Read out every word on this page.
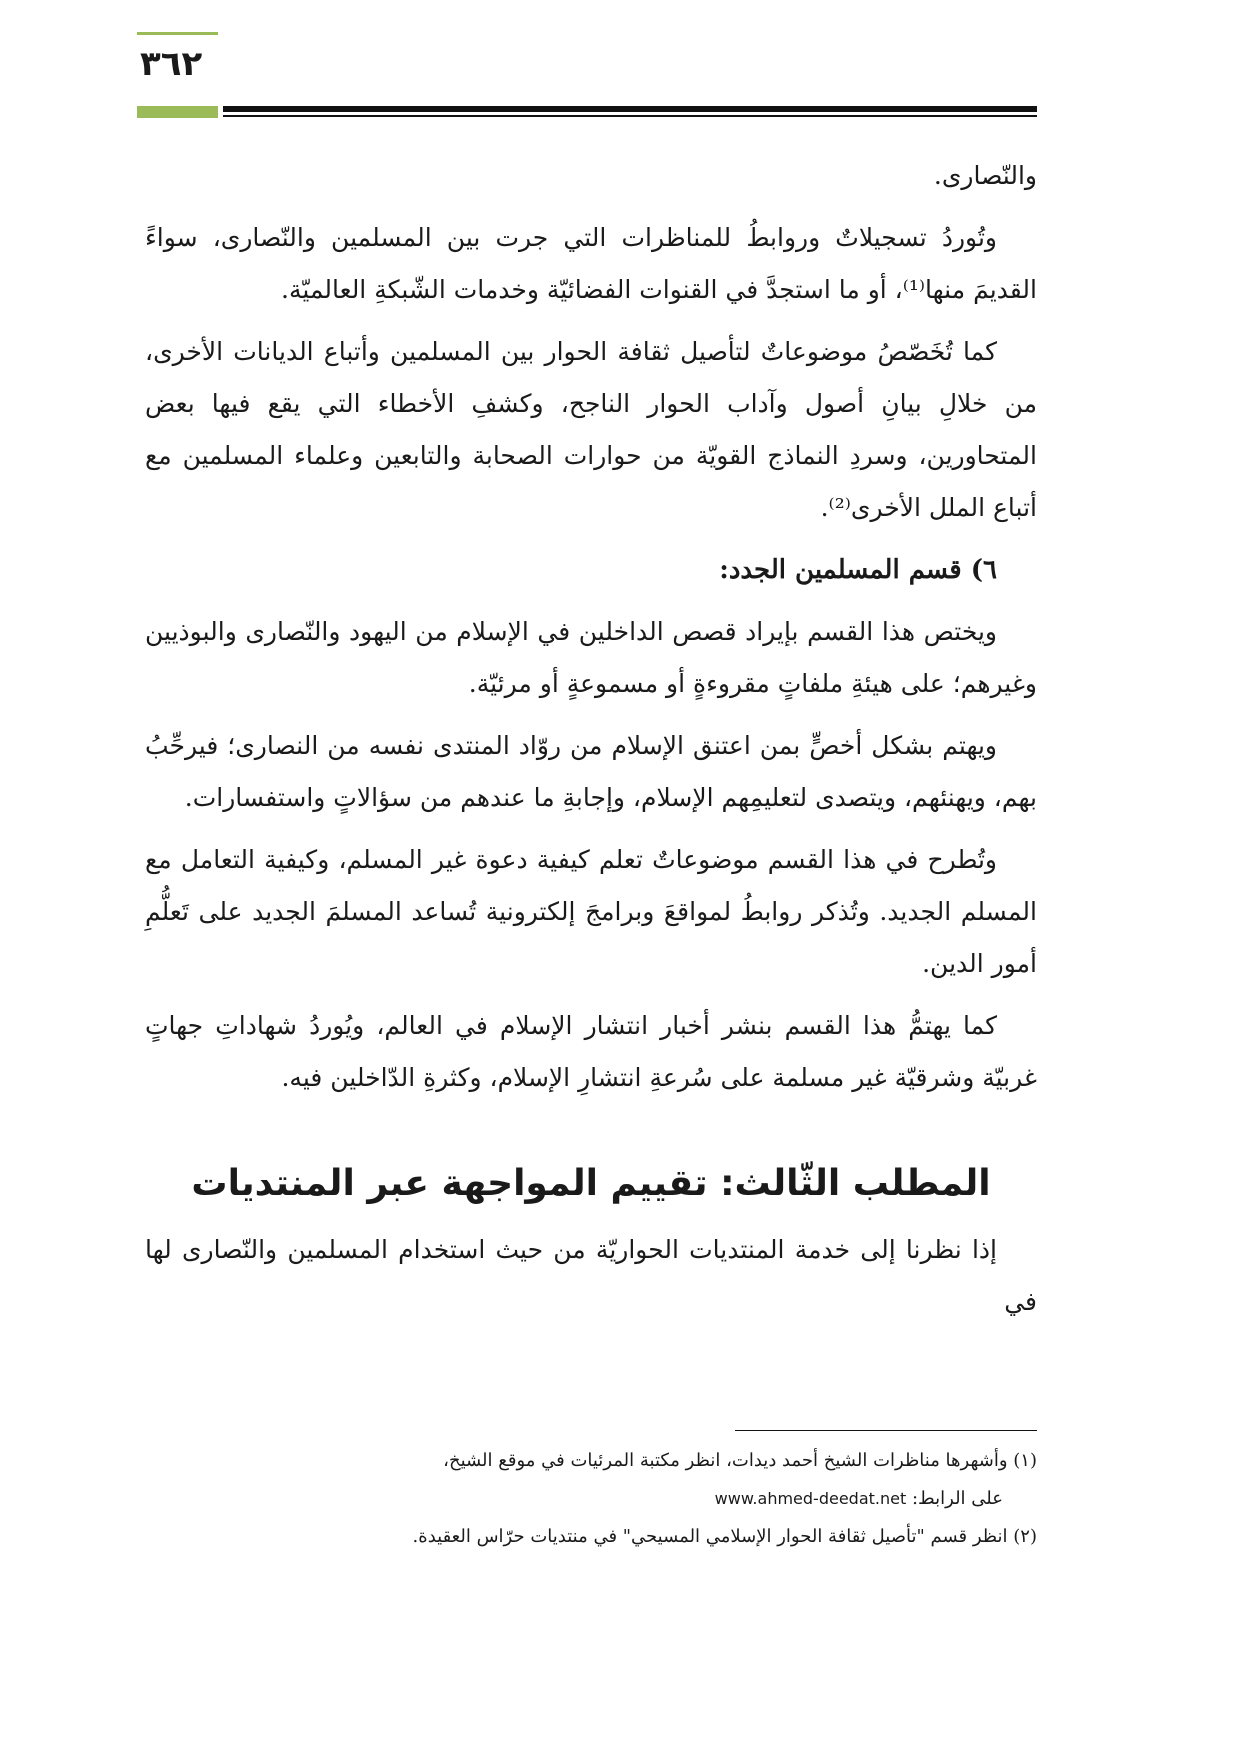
٣٦٢

والنّصارى.

وتُوردُ تسجيلاتٌ وروابطُ للمناظرات التي جرت بين المسلمين والنّصارى، سواءً القديمَ منها⁽¹⁾، أو ما استجدَّ في القنوات الفضائيّة وخدمات الشّبكةِ العالميّة.

كما تُخَصّصُ موضوعاتٌ لتأصيل ثقافة الحوار بين المسلمين وأتباع الديانات الأخرى، من خلالِ بيانِ أصول وآداب الحوار الناجح، وكشفِ الأخطاء التي يقع فيها بعض المتحاورين، وسردِ النماذج القويّة من حوارات الصحابة والتابعين وعلماء المسلمين مع أتباع الملل الأخرى⁽²⁾.

٦) قسم المسلمين الجدد:

ويختص هذا القسم بإيراد قصص الداخلين في الإسلام من اليهود والنّصارى والبوذيين وغيرهم؛ على هيئةِ ملفاتٍ مقروءةٍ أو مسموعةٍ أو مرئيّة.

ويهتم بشكل أخصٍّ بمن اعتنق الإسلام من روّاد المنتدى نفسه من النصارى؛ فيرحِّبُ بهم، ويهنئهم، ويتصدى لتعليمِهم الإسلام، وإجابةِ ما عندهم من سؤالاتٍ واستفسارات.

وتُطرح في هذا القسم موضوعاتٌ تعلم كيفية دعوة غير المسلم، وكيفية التعامل مع المسلم الجديد. وتُذكر روابطُ لمواقعَ وبرامجَ إلكترونية تُساعد المسلمَ الجديد على تَعلُّمِ أمور الدين.

كما يهتمُّ هذا القسم بنشر أخبار انتشار الإسلام في العالم، ويُوردُ شهاداتِ جهاتٍ غربيّة وشرقيّة غير مسلمة على سُرعةِ انتشارِ الإسلام، وكثرةِ الدّاخلين فيه.

المطلب الثّالث: تقييم المواجهة عبر المنتديات

إذا نظرنا إلى خدمة المنتديات الحواريّة من حيث استخدام المسلمين والنّصارى لها في

(١) وأشهرها مناظرات الشيخ أحمد ديدات، انظر مكتبة المرئيات في موقع الشيخ،

على الرابط: www.ahmed-deedat.net

(٢) انظر قسم "تأصيل ثقافة الحوار الإسلامي المسيحي" في منتديات حرّاس العقيدة.
